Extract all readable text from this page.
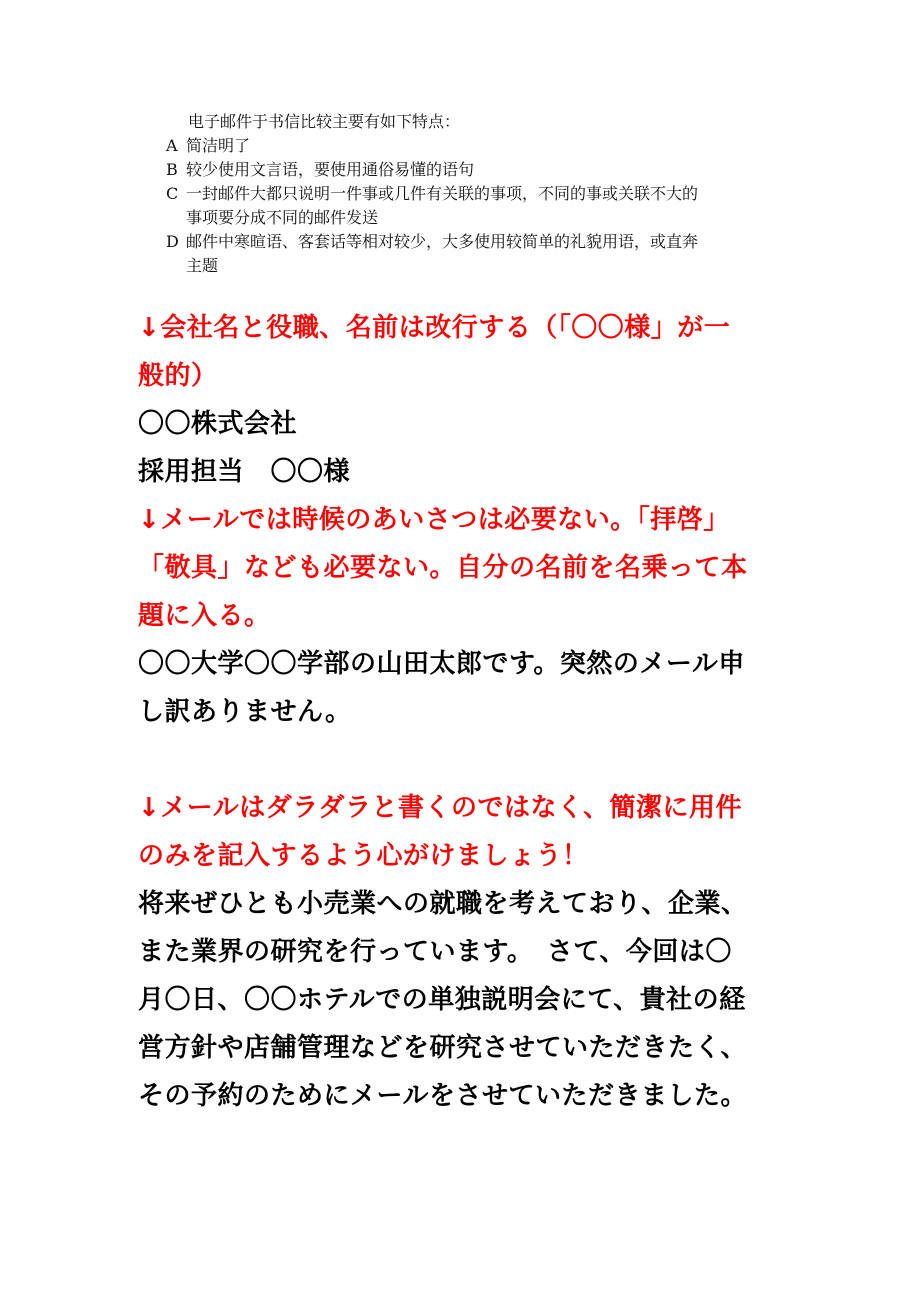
电子邮件于书信比较主要有如下特点：
A 简洁明了
B 较少使用文言语，要使用通俗易懂的语句
C 一封邮件大都只说明一件事或几件有关联的事项，不同的事或关联不大的
事项要分成不同的邮件发送
D 邮件中寒暄语、客套话等相对较少，大多使用较简单的礼貌用语，或直奔
主题

↓会社名と役職、名前は改行する（「〇〇様」が一
般的）

〇〇株式会社

採用担当　〇〇様

↓メールでは時候のあいさつは必要ない。「拝啓」
「敬具」なども必要ない。自分の名前を名乗って本
題に入る。

〇〇大学〇〇学部の山田太郎です。突然のメール申
し訳ありません。

↓メールはダラダラと書くのではなく、簡潔に用件
のみを記入するよう心がけましょう！

将来ぜひとも小売業への就職を考えており、企業、
また業界の研究を行っています。　さて、今回は〇
月〇日、〇〇ホテルでの単独説明会にて、貴社の経
営方針や店舗管理などを研究させていただきたく、
その予約のためにメールをさせていただきました。
